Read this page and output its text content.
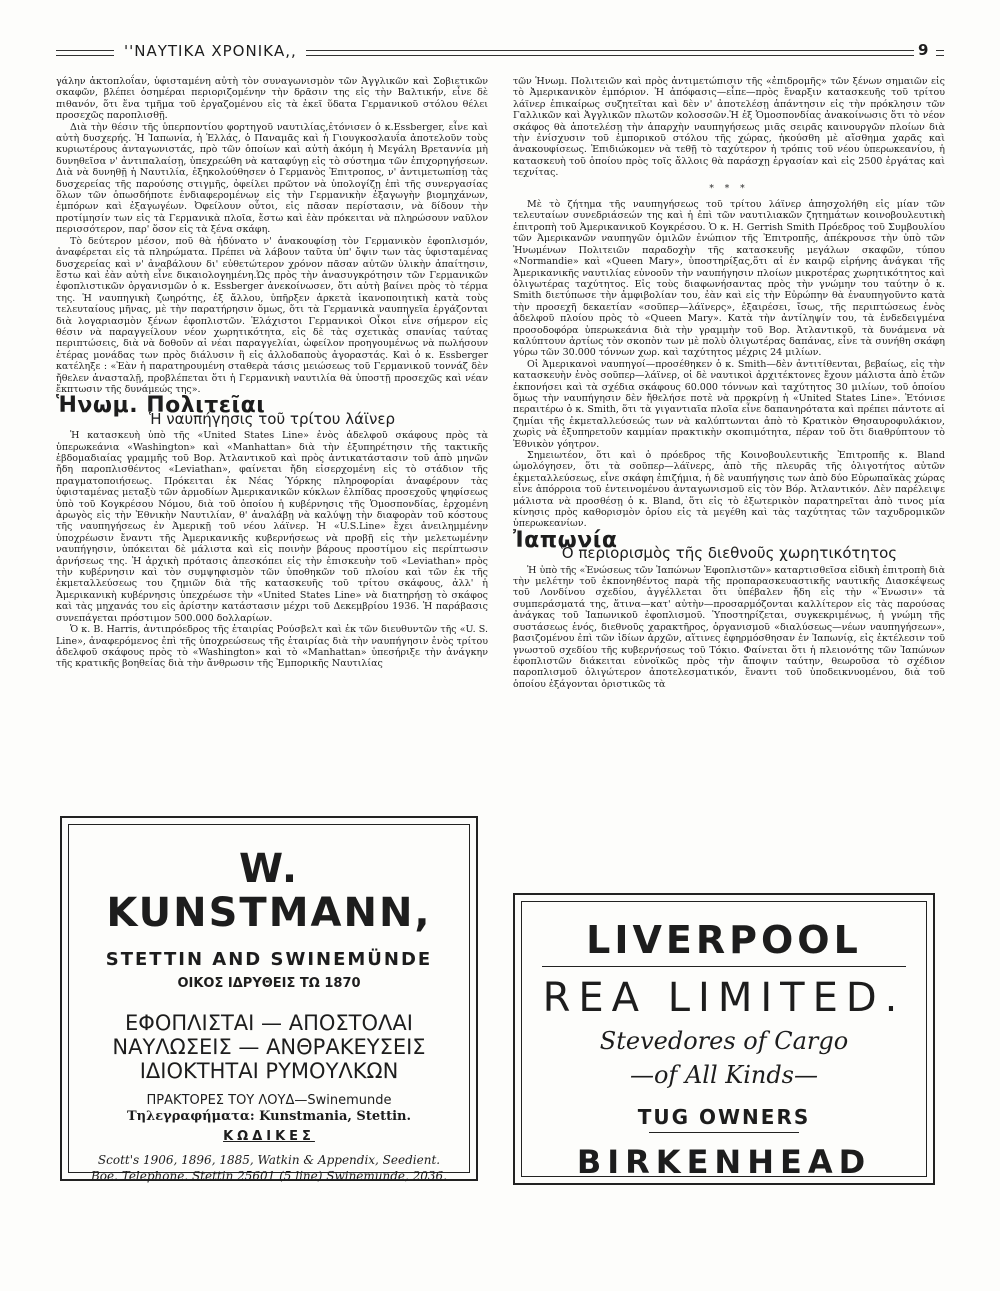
''ΝΑΥΤΙΚΑ ΧΡΟΝΙΚΑ,,	9

γάλην ἀκτοπλοΐαν, ὑφισταμένη αὐτὴ τὸν συναγωνισμὸν τῶν Ἀγγλικῶν καὶ Σοβιετικῶν σκαφῶν, βλέπει ὁσημέραι περιοριζομένην τὴν δρᾶσιν της εἰς τὴν Βαλτικήν, εἶνε δὲ πιθανόν, ὅτι ἕνα τμῆμα τοῦ ἐργαζομένου εἰς τὰ ἐκεῖ ὕδατα Γερμανικοῦ στόλου θέλει προσεχῶς παροπλισθῇ.

Διὰ τὴν θέσιν τῆς ὑπερποντίου φορτηγοῦ ναυτιλίας,ἐτόνισεν ὁ κ.Essberger, εἶνε καὶ αὐτὴ δυσχερής. Ἡ Ἰαπωνία, ἡ Ἑλλάς, ὁ Παναμᾶς καὶ ἡ Γιουγκοσλαυΐα ἀποτελοῦν τοὺς κυριωτέρους ἀνταγωνιστάς, πρὸ τῶν ὁποίων καὶ αὐτὴ ἀκόμη ἡ Μεγάλη Βρεταννία μὴ δυνηθεῖσα ν' ἀντιπαλαίσῃ, ὑπεχρεώθη νὰ καταφύγῃ εἰς τὸ σύστημα τῶν ἐπιχορηγήσεων. Διὰ νὰ δυνηθῇ ἡ Ναυτιλία, ἐξηκολούθησεν ὁ Γερμανὸς Ἐπιτροπος, ν' ἀντιμετωπίσῃ τὰς δυσχερείας τῆς παρούσης στιγμῆς, ὀφείλει πρῶτον νὰ ὑπολογίζῃ ἐπὶ τῆς συνεργασίας ὅλων τῶν ὁπωσδήποτε ἐνδιαφερομένων εἰς τὴν Γερμανικὴν ἐξαγωγὴν βιομηχάνων, ἐμπόρων καὶ ἐξαγωγέων. Ὀφείλουν οὗτοι, εἰς πᾶσαν περίστασιν, νὰ δίδουν τὴν προτίμησίν των εἰς τὰ Γερμανικὰ πλοῖα, ἔστω καὶ ἐὰν πρόκειται νὰ πληρώσουν ναῦλον περισσότερον, παρ' ὅσον εἰς τὰ ξένα σκάφη.

Τὸ δεύτερον μέσον, ποῦ θὰ ἠδύνατο ν' ἀνακουφίσῃ τὸν Γερμανικὸν ἐφοπλισμόν, ἀναφέρεται εἰς τὰ πληρώματα. Πρέπει νὰ λάβουν ταῦτα ὑπ' ὄψιν των τὰς ὑφισταμένας δυσχερείας καὶ ν' ἀναβάλουν δι' εὐθετώτερον χρόνον πᾶσαν αὐτῶν ὑλικὴν ἀπαίτησιν, ἔστω καὶ ἐὰν αὐτὴ εἶνε δικαιολογημένη.Ὡς πρὸς τὴν ἀνασυγκρότησιν τῶν Γερμανικῶν ἐφοπλιστικῶν ὀργανισμῶν ὁ κ. Essberger ἀνεκοίνωσεν, ὅτι αὐτὴ βαίνει πρὸς τὸ τέρμα της. Ἡ ναυπηγικὴ ζωηρότης, ἐξ ἄλλου, ὑπῆρξεν ἀρκετὰ ἱκανοποιητικὴ κατὰ τοὺς τελευταίους μῆνας, μὲ τὴν παρατήρησιν ὅμως, ὅτι τὰ Γερμανικὰ ναυπηγεῖα ἐργάζονται διὰ λογαριασμὸν ξένων ἐφοπλιστῶν. Ἐλάχιστοι Γερμανικοὶ Οἶκοι εἶνε σήμερον εἰς θέσιν νὰ παραγγείλουν νέον χωρητικότητα, εἰς δὲ τὰς σχετικὰς σπανίας ταύτας περιπτώσεις, διὰ νὰ δοθοῦν αἱ νέαι παραγγελίαι, ὠφείλον προηγουμένως νὰ πωλήσουν ἑτέρας μονάδας των πρὸς διάλυσιν ἢ εἰς ἀλλοδαποὺς ἀγοραστάς. Καὶ ὁ κ. Essberger κατέληξε : «Ἐὰν ἡ παρατηρουμένη σταθερὰ τάσις μειώσεως τοῦ Γερμανικοῦ τοννάζ δὲν ἤθελεν ἀνασταλῇ, προβλέπεται ὅτι ἡ Γερμανικὴ ναυτιλία θὰ ὑποστῇ προσεχῶς καὶ νέαν ἔκπτωσιν τῆς δυνάμεώς της».

Ἡνωμ. Πολιτεῖαι
Ἡ ναυπήγησις τοῦ τρίτου λάϊνερ

Ἡ κατασκευὴ ὑπὸ τῆς «United States Line» ἑνὸς ἀδελφοῦ σκάφους πρὸς τὰ ὑπερωκεάνια «Washington» καὶ «Manhattan» διὰ τὴν ἐξυπηρέτησιν τῆς τακτικῆς ἑβδομαδιαίας γραμμῆς τοῦ Βορ. Ἀτλαντικοῦ καὶ πρὸς ἀντικατάστασιν τοῦ ἀπὸ μηνῶν ἤδη παροπλισθέντος «Leviathan», φαίνεται ἤδη εἰσερχομένη εἰς τὸ στάδιον τῆς πραγματοποιήσεως. Πρόκειται ἐκ Νέας Ὑόρκης πληροφορίαι ἀναφέρουν τὰς ὑφισταμένας μεταξὺ τῶν ἁρμοδίων Ἀμερικανικῶν κύκλων ἐλπίδας προσεχοῦς ψηφίσεως ὑπὸ τοῦ Κογκρέσου Νόμου, διὰ τοῦ ὁποίου ἡ κυβέρνησις τῆς Ὁμοσπονδίας, ἐρχομένη ἀρωγὸς εἰς τὴν Ἐθνικὴν Ναυτιλίαν, θ' ἀναλάβῃ νὰ καλύψῃ τὴν διαφορὰν τοῦ κόστους τῆς ναυπηγήσεως ἐν Ἀμερικῇ τοῦ νέου λάϊνερ. Ἡ «U.S.Line» ἔχει ἀνειλημμένην ὑποχρέωσιν ἔναντι τῆς Ἀμερικανικῆς κυβερνήσεως νὰ προβῇ εἰς τὴν μελετωμένην ναυπήγησιν, ὑπόκειται δὲ μάλιστα καὶ εἰς ποινὴν βάρους προστίμου εἰς περίπτωσιν ἀρνήσεως της. Ἡ ἀρχικὴ πρότασις ἀπεσκόπει εἰς τὴν ἐπισκευὴν τοῦ «Leviathan» πρὸς τὴν κυβέρνησιν καὶ τὸν συμψηφισμὸν τῶν ὑποθηκῶν τοῦ πλοίου καὶ τῶν ἐκ τῆς ἐκμεταλλεύσεως του ζημιῶν διὰ τῆς κατασκευῆς τοῦ τρίτου σκάφους, ἀλλ' ἡ Ἀμερικανικὴ κυβέρνησις ὑπεχρέωσε τὴν «United States Line» νὰ διατηρήσῃ τὸ σκάφος καὶ τὰς μηχανάς του εἰς ἀρίστην κατάστασιν μέχρι τοῦ Δεκεμβρίου 1936. Ἡ παράβασις συνεπάγεται πρόστιμον 500.000 δολλαρίων.

Ὁ κ. B. Harris, ἀντιπρόεδρος τῆς ἑταιρίας Ρούσβελτ καὶ ἐκ τῶν διευθυντῶν τῆς «U. S. Line», ἀναφερόμενος ἐπὶ τῆς ὑποχρεώσεως τῆς ἑταιρίας διὰ τὴν ναυπήγησιν ἑνὸς τρίτου ἀδελφοῦ σκάφους πρὸς τὸ «Washington» καὶ τὸ «Manhattan» ὑπεσήριξε τὴν ἀνάγκην τῆς κρατικῆς βοηθείας διὰ τὴν ἄνθρωσιν τῆς Ἐμπορικῆς Ναυτιλίας

τῶν Ἡνωμ. Πολιτειῶν καὶ πρὸς ἀντιμετώπισιν τῆς «ἐπιδρομῆς» τῶν ξένων σημαιῶν εἰς τὸ Ἀμερικανικὸν ἐμπόριον. Ἡ ἀπόφασις—εἶπε—πρὸς ἔναρξιν κατασκευῆς τοῦ τρίτου λάϊνερ ἐπικαίρως συζητεῖται καὶ δὲν ν' ἀποτελέσῃ ἀπάντησιν εἰς τὴν πρόκλησιν τῶν Γαλλικῶν καὶ Ἀγγλικῶν πλωτῶν κολοσσῶν.Ἡ ἐξ Ὁμοσπονδίας ἀνακοίνωσις ὅτι τὸ νέον σκάφος θὰ ἀποτελέσῃ τὴν ἀπαρχὴν ναυπηγήσεως μιᾶς σειρᾶς καινουργῶν πλοίων διὰ τὴν ἐνίσχυσιν τοῦ ἐμπορικοῦ στόλου τῆς χώρας, ἠκούσθη μὲ αἴσθημα χαρᾶς καὶ ἀνακουφίσεως. Ἐπιδιώκομεν νὰ τεθῇ τὸ ταχύτερον ἡ τρόπις τοῦ νέου ὑπερωκεανίου, ἡ κατασκευὴ τοῦ ὁποίου πρὸς τοῖς ἄλλοις θὰ παράσχῃ ἐργασίαν καὶ εἰς 2500 ἐργάτας καὶ τεχνίτας.

* * *

Μὲ τὸ ζήτημα τῆς ναυπηγήσεως τοῦ τρίτου λάϊνερ ἀπησχολήθη εἰς μίαν τῶν τελευταίων συνεδριάσεών της καὶ ἡ ἐπὶ τῶν ναυτιλιακῶν ζητημάτων κοινοβουλευτικὴ ἐπιτροπὴ τοῦ Ἀμερικανικοῦ Κογκρέσου. Ὁ κ. H. Gerrish Smith Πρόεδρος τοῦ Συμβουλίου τῶν Ἀμερικανῶν ναυπηγῶν ὁμιλῶν ἐνώπιον τῆς Ἐπιτροπῆς, ἀπέκρουσε τὴν ὑπὸ τῶν Ἡνωμένων Πολιτειῶν παραδοχὴν τῆς κατασκευῆς μεγάλων σκαφῶν, τύπου «Normandie» καὶ «Queen Mary», ὑποστηρίξας,ὅτι αἱ ἐν καιρῷ εἰρήνης ἀνάγκαι τῆς Ἀμερικανικῆς ναυτιλίας εὐνοοῦν τὴν ναυπήγησιν πλοίων μικροτέρας χωρητικότητος καὶ ὀλιγωτέρας ταχύτητος. Εἰς τοὺς διαφωνήσαντας πρὸς τὴν γνώμην του ταύτην ὁ κ. Smith διετύπωσε τὴν ἀμφιβολίαν του, ἐὰν καὶ εἰς τὴν Εὐρώπην θὰ ἐναυπηγοῦντο κατὰ τὴν προσεχῆ δεκαετίαν «σοῦπερ—λάϊνερς», ἐξαιρέσει, ἴσως, τῆς περιπτώσεως ἑνὸς ἀδελφοῦ πλοίου πρὸς τὸ «Queen Mary». Κατὰ τὴν ἀντίληψίν του, τὰ ἐνδεδειγμένα προσοδοφόρα ὑπερωκεάνια διὰ τὴν γραμμὴν τοῦ Βορ. Ἀτλαντικοῦ, τὰ δυνάμενα νὰ καλύπτουν ἀρτίως τὸν σκοπὸν των μὲ πολὺ ὀλιγωτέρας δαπάνας, εἶνε τὰ συνήθη σκάφη γύρω τῶν 30.000 τόννων χωρ. καὶ ταχύτητος μέχρις 24 μιλίων.

Οἱ Ἀμερικανοὶ ναυπηγοί—προσέθηκεν ὁ κ. Smith—δὲν ἀντιτίθενται, βεβαίως, εἰς τὴν κατασκευὴν ἑνὸς σοῦπερ—λάϊνερ, οἱ δὲ ναυτικοὶ ἀρχιτέκτονες ἔχουν μάλιστα ἀπὸ ἐτῶν ἐκπονήσει καὶ τὰ σχέδια σκάφους 60.000 τόννων καὶ ταχύτητος 30 μιλίων, τοῦ ὁποίου ὅμως τὴν ναυπήγησιν δὲν ἤθελήσε ποτὲ νὰ προκρίνῃ ἡ «United States Line». Ἐτόνισε περαιτέρω ὁ κ. Smith, ὅτι τὰ γιγαντιαῖα πλοῖα εἶνε δαπανηρότατα καὶ πρέπει πάντοτε αἱ ζημίαι τῆς ἐκμεταλλεύσεώς των νὰ καλύπτωνται ἀπὸ τὸ Κρατικὸν Θησαυροφυλάκιον, χωρὶς νὰ ἐξυπηρετοῦν καμμίαν πρακτικὴν σκοπιμότητα, πέραν τοῦ ὅτι διαθρύπτουν τὸ Ἐθνικὸν γόητρον.

Σημειωτέον, ὅτι καὶ ὁ πρόεδρος τῆς Κοινοβουλευτικῆς Ἐπιτροπῆς κ. Bland ὡμολόγησεν, ὅτι τὰ σοῦπερ—λάϊνερς, ἀπὸ τῆς πλευρᾶς τῆς ὀλιγοτήτος αὐτῶν ἐκμεταλλεύσεως, εἶνε σκάφη ἐπιζήμια, ἡ δὲ ναυπήγησις των ἀπὸ δύο Εὐρωπαϊκὰς χώρας εἶνε ἀπόρροια τοῦ ἐντεινομένου ἀνταγωνισμοῦ εἰς τὸν Βόρ. Ἀτλαντικόν. Δὲν παρέλειψε μάλιστα νὰ προσθέσῃ ὁ κ. Bland, ὅτι εἰς τὸ ἐξωτερικὸν παρατηρεῖται ἀπὸ τινος μία κίνησις πρὸς καθορισμὸν ὁρίου εἰς τὰ μεγέθη καὶ τὰς ταχύτητας τῶν ταχυδρομικῶν ὑπερωκεανίων.

Ἰαπωνία
Ὁ περιορισμὸς τῆς διεθνοῦς χωρητικότητος

Ἡ ὑπὸ τῆς «Ἑνώσεως τῶν Ἰαπώνων Ἐφοπλιστῶν» καταρτισθεῖσα εἰδικὴ ἐπιτροπὴ διὰ τὴν μελέτην τοῦ ἐκπονηθέντος παρὰ τῆς προπαρασκευαστικῆς ναυτικῆς Διασκέψεως τοῦ Λονδίνου σχεδίου, ἀγγέλλεται ὅτι ὑπέβαλεν ἤδη εἰς τὴν «Ἕνωσιν» τὰ συμπεράσματά της, ἅτινα—κατ' αὐτὴν—προσαρμόζονται καλλίτερον εἰς τὰς παρούσας ἀνάγκας τοῦ Ἰαπωνικοῦ ἐφοπλισμοῦ. Ὑποστηρίζεται, συγκεκριμένως, ἡ γνώμη τῆς συστάσεως ἑνός, διεθνοῦς χαρακτῆρος, ὀργανισμοῦ «διαλύσεως—νέων ναυπηγήσεων», βασιζομένου ἐπὶ τῶν ἰδίων ἀρχῶν, αἵτινες ἐφηρμόσθησαν ἐν Ἰαπωνίᾳ, εἰς ἐκτέλεσιν τοῦ γνωστοῦ σχεδίου τῆς κυβερνήσεως τοῦ Τόκιο. Φαίνεται ὅτι ἡ πλειονότης τῶν Ἰαπώνων ἐφοπλιστῶν διάκειται εὐνοϊκῶς πρὸς τὴν ἄποψιν ταύτην, θεωροῦσα τὸ σχέδιον παροπλισμοῦ ὀλιγώτερον ἀποτελεσματικόν, ἔναντι τοῦ ὑποδεικνυομένου, διὰ τοῦ ὁποίου ἐξάγονται ὁριστικῶς τὰ

W. KUNSTMANN,
STETTIN AND SWINEMÜNDE
ΟΙΚΟΣ ΙΔΡΥΘΕΙΣ ΤΩ 1870
ΕΦΟΠΛΙΣΤΑΙ — ΑΠΟΣΤΟΛΑΙ
ΝΑΥΛΩΣΕΙΣ — ΑΝΘΡΑΚΕΥΣΕΙΣ
ΙΔΙΟΚΤΗΤΑΙ ΡΥΜΟΥΛΚΩΝ
ΠΡΑΚΤΟΡΕΣ ΤΟΥ ΛΟΥΔ—Swinemunde
Τηλεγραφήματα: Kunstmania, Stettin.
ΚΩΔΙΚΕΣ
Scott's 1906, 1896, 1885, Watkin & Appendix, Seedient.
Boe. Telephone. Stettin 25601 (5 line) Swinemunde, 2036.
LIVERPOOL
REA LIMITED.
Stevedores of Cargo
—of All Kinds—
TUG OWNERS
BIRKENHEAD
